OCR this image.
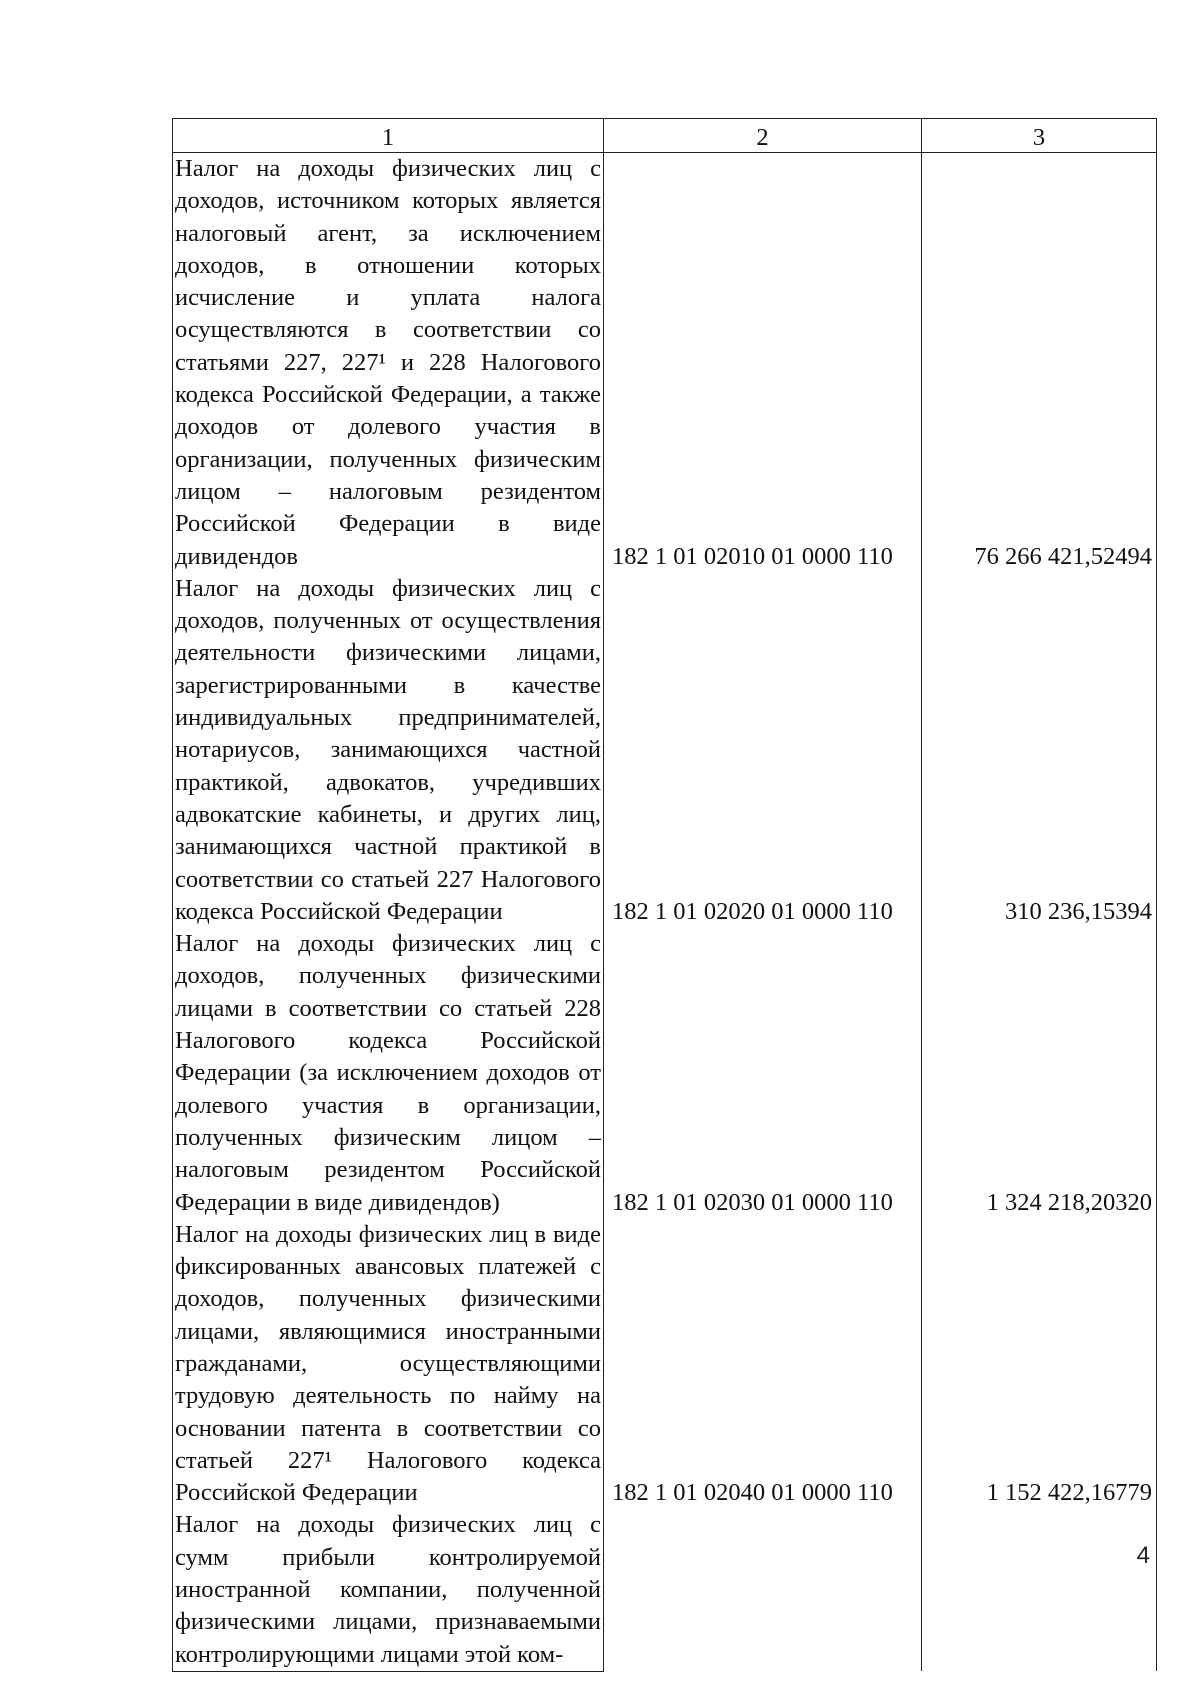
1	2	3
Налог на доходы физических лиц с доходов, источником которых является налоговый агент, за исключением доходов, в отношении которых исчисление и уплата налога осуществляются в соответствии со статьями 227, 227¹ и 228 Налогового кодекса Российской Федерации, а также доходов от долевого участия в организации, полученных физическим лицом – налоговым резидентом Российской Федерации в виде дивидендов	182 1 01 02010 01 0000 110	76 266 421,52494
Налог на доходы физических лиц с доходов, полученных от осуществления деятельности физическими лицами, зарегистрированными в качестве индивидуальных предпринимателей, нотариусов, занимающихся частной практикой, адвокатов, учредивших адвокатские кабинеты, и других лиц, занимающихся частной практикой в соответствии со статьей 227 Налогового кодекса Российской Федерации	182 1 01 02020 01 0000 110	310 236,15394
Налог на доходы физических лиц с доходов, полученных физическими лицами в соответствии со статьей 228 Налогового кодекса Российской Федерации (за исключением доходов от долевого участия в организации, полученных физическим лицом – налоговым резидентом Российской Федерации в виде дивидендов)	182 1 01 02030 01 0000 110	1 324 218,20320
Налог на доходы физических лиц в виде фиксированных авансовых платежей с доходов, полученных физическими лицами, являющимися иностранными гражданами, осуществляющими трудовую деятельность по найму на основании патента в соответствии со статьей 227¹ Налогового кодекса Российской Федерации	182 1 01 02040 01 0000 110	1 152 422,16779
Налог на доходы физических лиц с сумм прибыли контролируемой иностранной компании, полученной физическими лицами, признаваемыми контролирующими лицами этой ком-		
4
